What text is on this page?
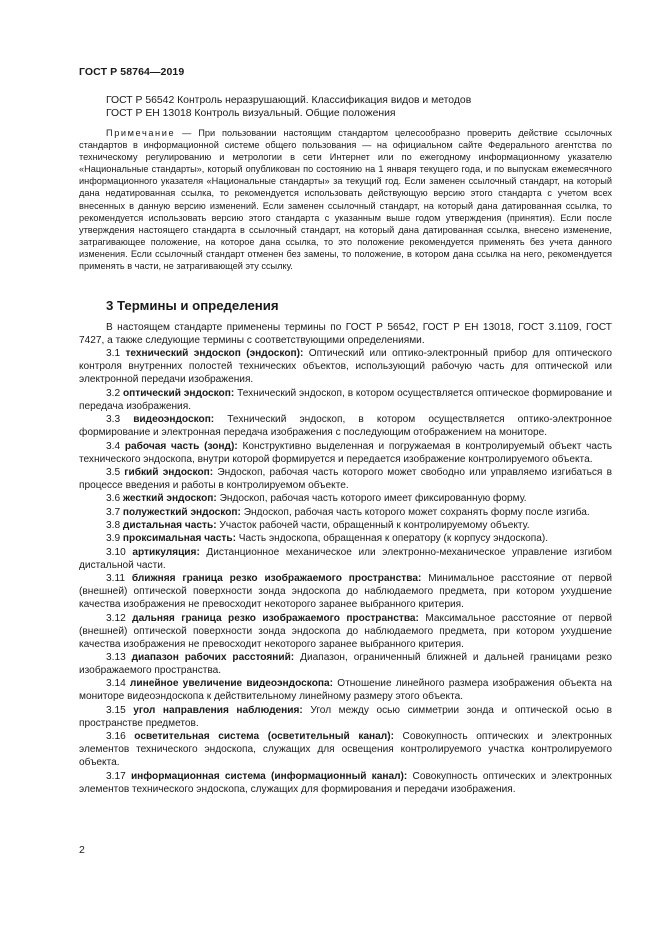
ГОСТ Р 58764—2019
ГОСТ Р 56542 Контроль неразрушающий. Классификация видов и методов
ГОСТ Р ЕН 13018 Контроль визуальный. Общие положения
Примечание — При пользовании настоящим стандартом целесообразно проверить действие ссылочных стандартов в информационной системе общего пользования — на официальном сайте Федерального агентства по техническому регулированию и метрологии в сети Интернет или по ежегодному информационному указателю «Национальные стандарты», который опубликован по состоянию на 1 января текущего года, и по выпускам ежемесячного информационного указателя «Национальные стандарты» за текущий год. Если заменен ссылочный стандарт, на который дана недатированная ссылка, то рекомендуется использовать действующую версию этого стандарта с учетом всех внесенных в данную версию изменений. Если заменен ссылочный стандарт, на который дана датированная ссылка, то рекомендуется использовать версию этого стандарта с указанным выше годом утверждения (принятия). Если после утверждения настоящего стандарта в ссылочный стандарт, на который дана датированная ссылка, внесено изменение, затрагивающее положение, на которое дана ссылка, то это положение рекомендуется применять без учета данного изменения. Если ссылочный стандарт отменен без замены, то положение, в котором дана ссылка на него, рекомендуется применять в части, не затрагивающей эту ссылку.
3 Термины и определения

В настоящем стандарте применены термины по ГОСТ Р 56542, ГОСТ Р ЕН 13018, ГОСТ 3.1109, ГОСТ 7427, а также следующие термины с соответствующими определениями.

3.1 технический эндоскоп (эндоскоп): Оптический или оптико-электронный прибор для оптического контроля внутренних полостей технических объектов, использующий рабочую часть для оптической или электронной передачи изображения.

3.2 оптический эндоскоп: Технический эндоскоп, в котором осуществляется оптическое формирование и передача изображения.

3.3 видеоэндоскоп: Технический эндоскоп, в котором осуществляется оптико-электронное формирование и электронная передача изображения с последующим отображением на мониторе.

3.4 рабочая часть (зонд): Конструктивно выделенная и погружаемая в контролируемый объект часть технического эндоскопа, внутри которой формируется и передается изображение контролируемого объекта.

3.5 гибкий эндоскоп: Эндоскоп, рабочая часть которого может свободно или управляемо изгибаться в процессе введения и работы в контролируемом объекте.

3.6 жесткий эндоскоп: Эндоскоп, рабочая часть которого имеет фиксированную форму.

3.7 полужесткий эндоскоп: Эндоскоп, рабочая часть которого может сохранять форму после изгиба.

3.8 дистальная часть: Участок рабочей части, обращенный к контролируемому объекту.

3.9 проксимальная часть: Часть эндоскопа, обращенная к оператору (к корпусу эндоскопа).

3.10 артикуляция: Дистанционное механическое или электронно-механическое управление изгибом дистальной части.

3.11 ближняя граница резко изображаемого пространства: Минимальное расстояние от первой (внешней) оптической поверхности зонда эндоскопа до наблюдаемого предмета, при котором ухудшение качества изображения не превосходит некоторого заранее выбранного критерия.

3.12 дальняя граница резко изображаемого пространства: Максимальное расстояние от первой (внешней) оптической поверхности зонда эндоскопа до наблюдаемого предмета, при котором ухудшение качества изображения не превосходит некоторого заранее выбранного критерия.

3.13 диапазон рабочих расстояний: Диапазон, ограниченный ближней и дальней границами резко изображаемого пространства.

3.14 линейное увеличение видеоэндоскопа: Отношение линейного размера изображения объекта на мониторе видеоэндоскопа к действительному линейному размеру этого объекта.

3.15 угол направления наблюдения: Угол между осью симметрии зонда и оптической осью в пространстве предметов.

3.16 осветительная система (осветительный канал): Совокупность оптических и электронных элементов технического эндоскопа, служащих для освещения контролируемого участка контролируемого объекта.

3.17 информационная система (информационный канал): Совокупность оптических и электронных элементов технического эндоскопа, служащих для формирования и передачи изображения.

2
